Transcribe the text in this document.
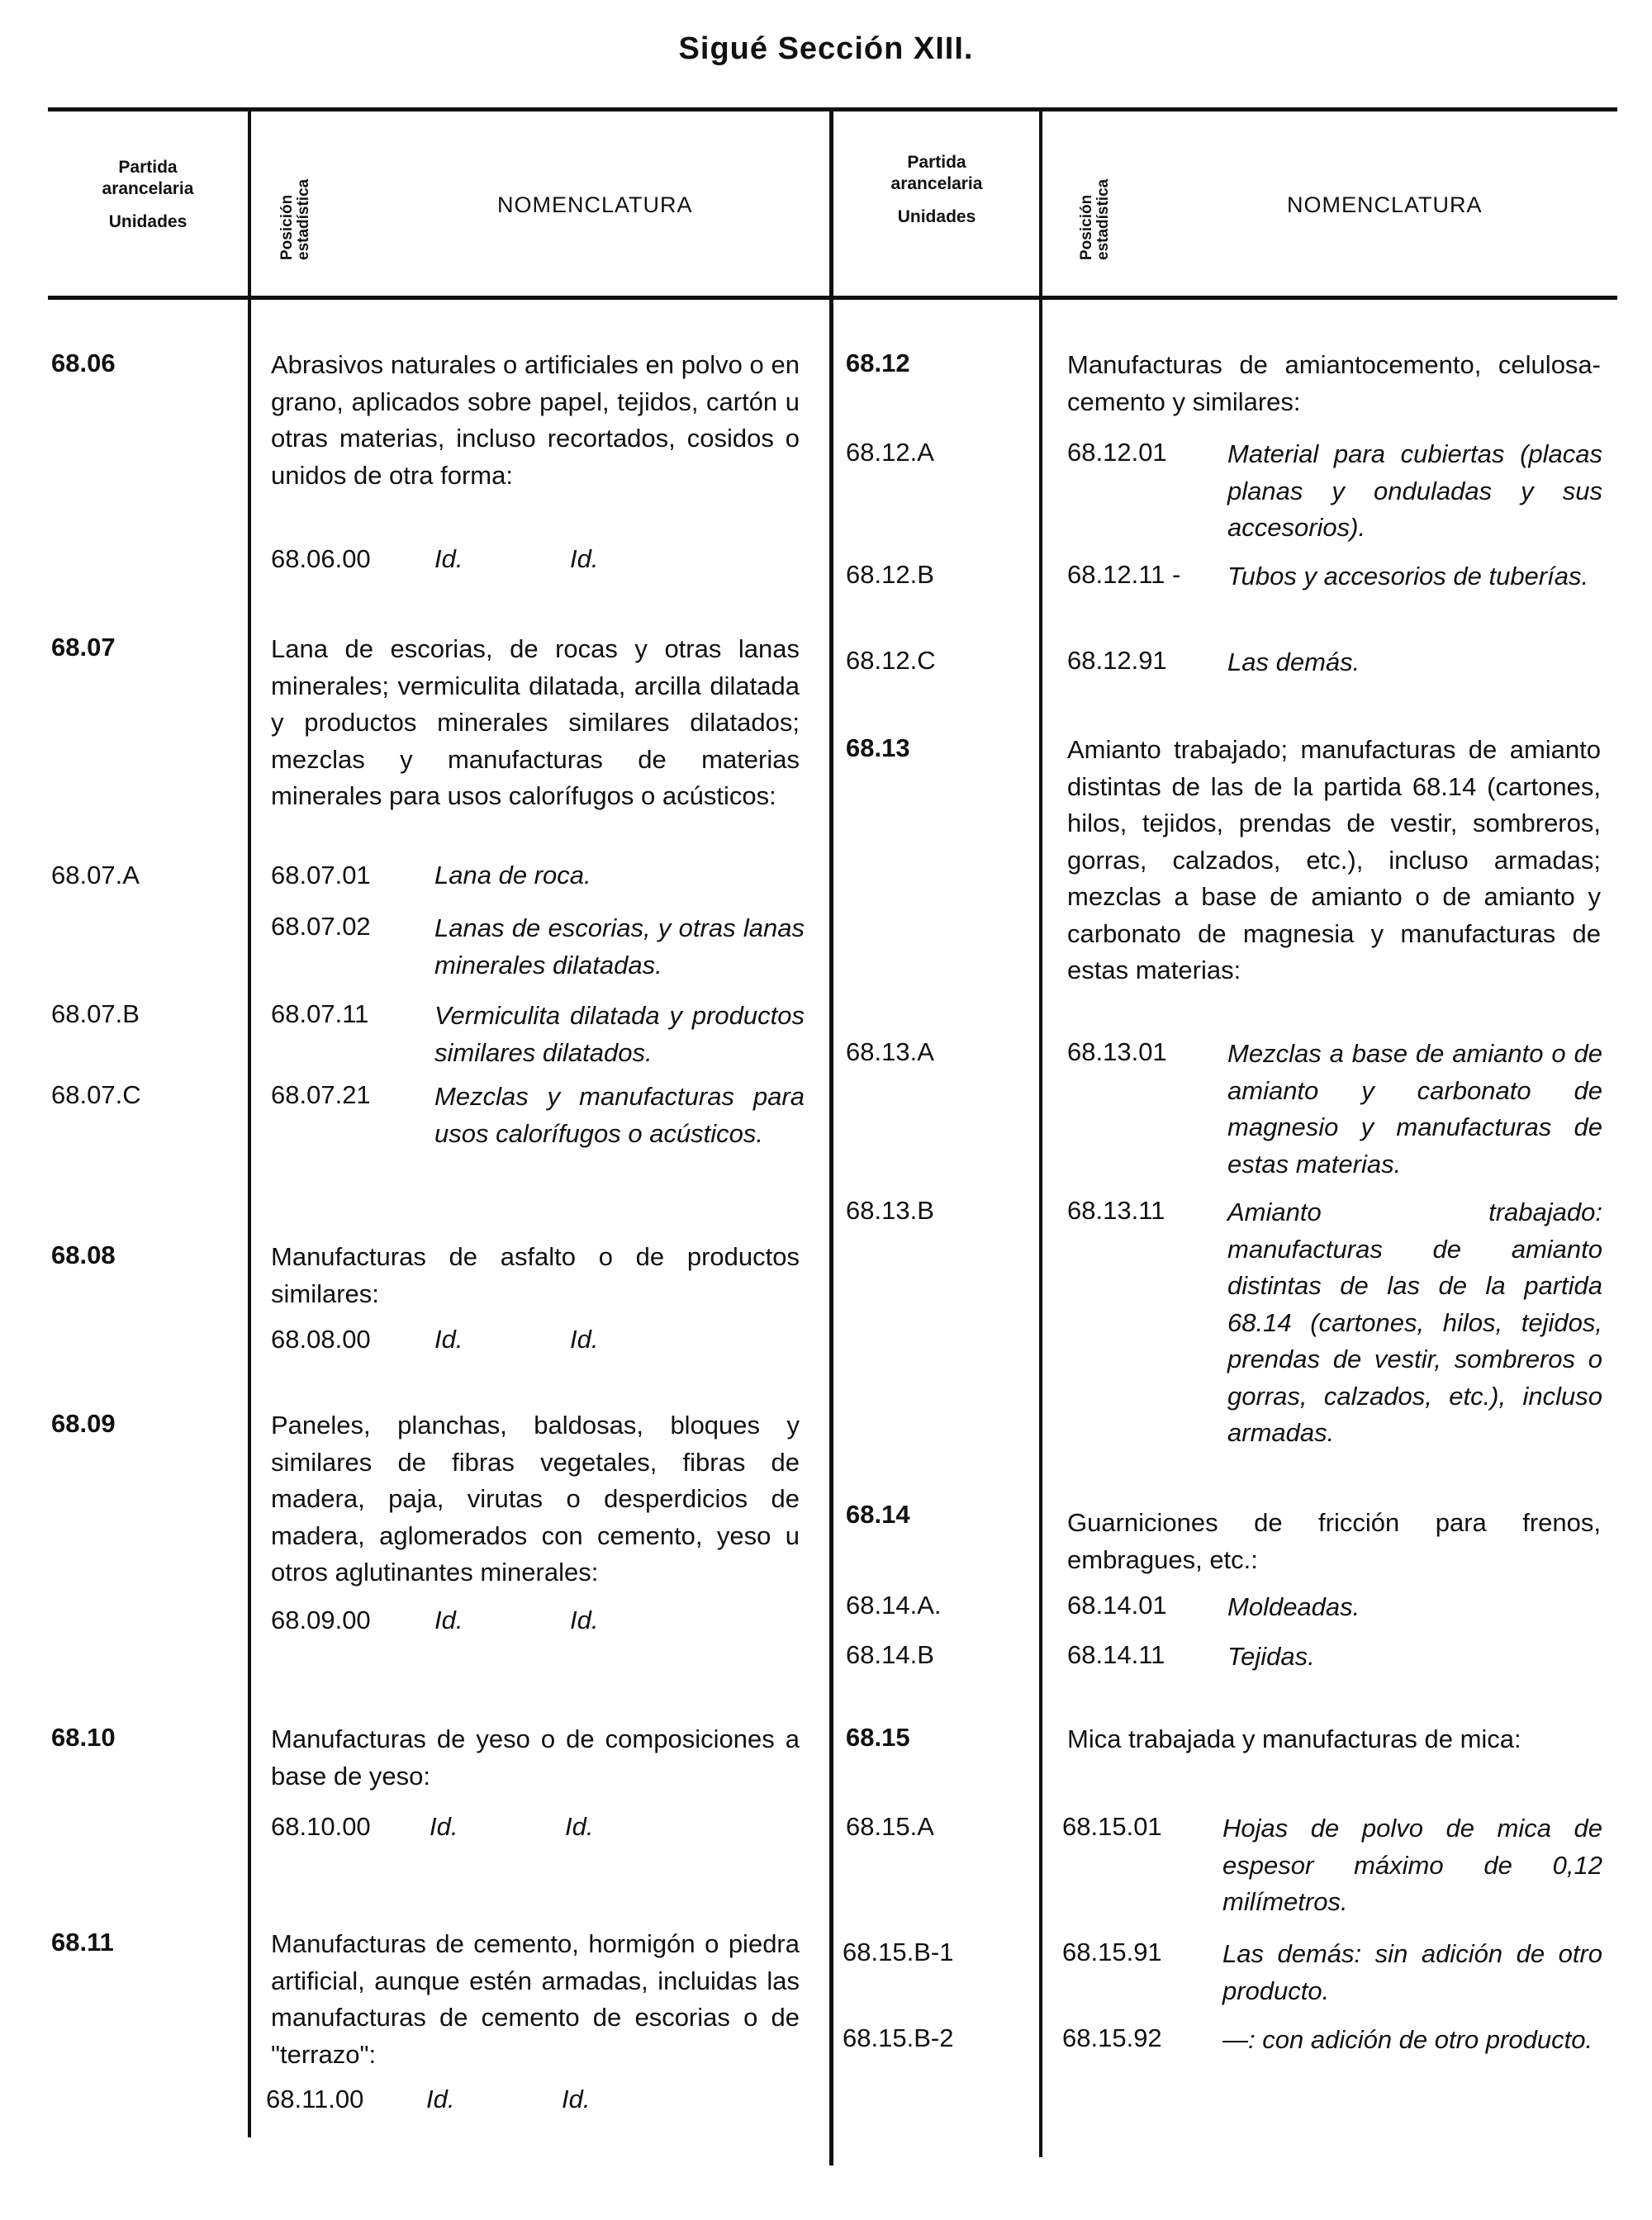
Sigué Sección XIII.
Partida
arancelaria
Unidades	Posición estadística	NOMENCLATURA
Partida
arancelaria
Unidades	Posición estadística	NOMENCLATURA
68.06	Abrasivos naturales o artificiales en polvo o en grano, aplicados sobre papel, tejidos, cartón u otras materias, incluso recortados, cosidos o unidos de otra forma:
68.06.00 Id.	Id.
68.07	Lana de escorias, de rocas y otras lanas minerales; vermiculita dilatada, arcilla dilatada y productos minerales similares dilatados; mezclas y manufacturas de materias minerales para usos calorífugos o acústicos:
68.07.A	68.07.01 Lana de roca.
68.07.02 Lanas de escorias, y otras lanas minerales dilatadas.
68.07.B	68.07.11	Vermiculita dilatada y productos similares dilatados.
68.07.C	68.07.21 Mezclas y manufacturas para usos calorífugos o acústicos.
68.08	Manufacturas de asfalto o de productos similares:
68.08.00 Id.	Id.
68.09	Paneles, planchas, baldosas, bloques y similares de fibras vegetales, fibras de madera, paja, virutas o desperdicios de madera, aglomerados con cemento, yeso u otros aglutinantes minerales:
68.09.00 Id.	Id.
68.10	Manufacturas de yeso o de composiciones a base de yeso:
68.10.00 Id.	Id.
68.11	Manufacturas de cemento, hormigón o piedra artificial, aunque estén armadas, incluidas las manufacturas de cemento de escorias o de "terrazo":
68.11.00 Id.	Id.
68.12	Manufacturas de amiantocemento, celulosa-cemento y similares:
68.12.A	68.12.01 Material para cubiertas (placas planas y onduladas y sus accesorios).
68.12.B	68.12.11 - Tubos y accesorios de tuberías.
68.12.C	68.12.91 Las demás.
68.13	Amianto trabajado; manufacturas de amianto distintas de las de la partida 68.14 (cartones, hilos, tejidos, prendas de vestir, sombreros, gorras, calzados, etc.), incluso armadas; mezclas a base de amianto o de amianto y carbonato de magnesia y manufacturas de estas materias:
68.13.A	68.13.01 Mezclas a base de amianto o de amianto y carbonato de magnesio y manufacturas de estas materias.
68.13.B	68.13.11 Amianto trabajado: manufacturas de amianto distintas de las de la partida 68.14 (cartones, hilos, tejidos, prendas de vestir, sombreros o gorras, calzados, etc.), incluso armadas.
68.14	Guarniciones de fricción para frenos, embragues, etc.:
68.14.A.	68.14.01 Moldeadas.
68.14.B	68.14.11 Tejidas.
68.15	Mica trabajada y manufacturas de mica:
68.15.A	68.15.01 Hojas de polvo de mica de espesor máximo de 0,12 milímetros.
68.15.B-1	68.15.91 Las demás: sin adición de otro producto.
68.15.B-2	68.15.92 —: con adición de otro producto.
